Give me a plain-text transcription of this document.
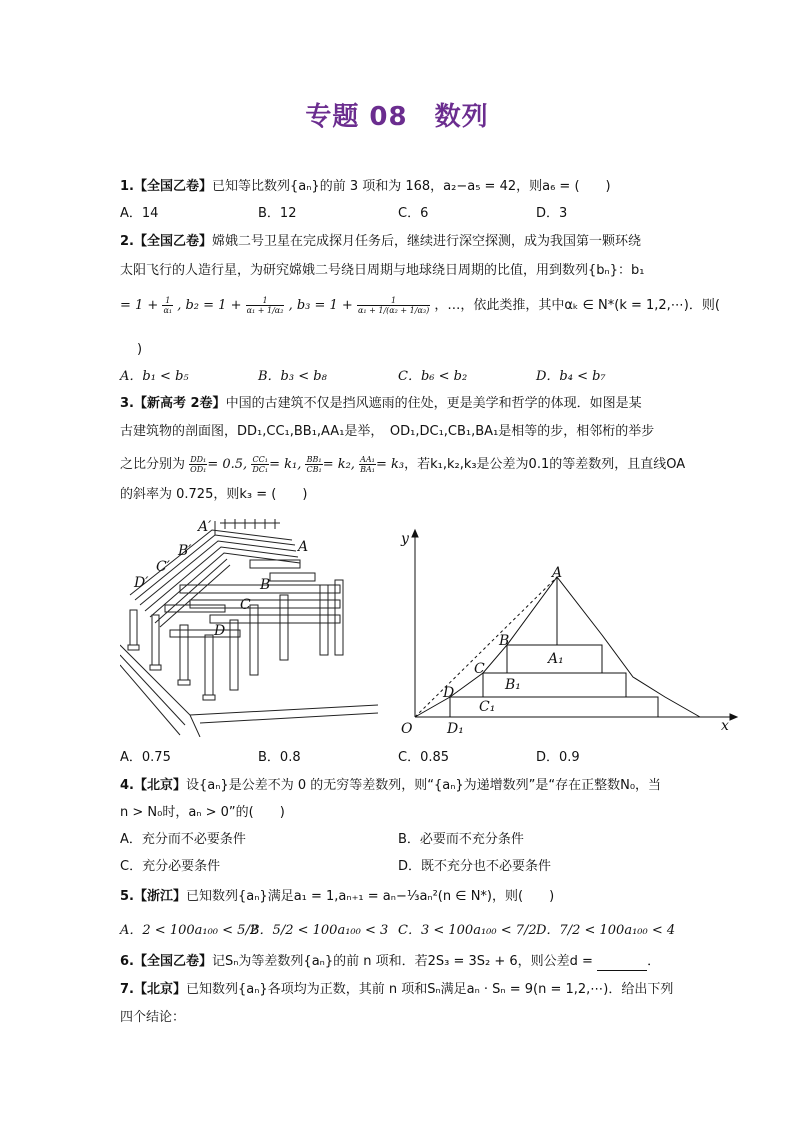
专题 08　数列
1.【全国乙卷】已知等比数列{aₙ}的前 3 项和为 168，a₂−a₅ = 42，则a₆ = (　　)
A．14	B．12	C．6	D．3
2.【全国乙卷】嫦娥二号卫星在完成探月任务后，继续进行深空探测，成为我国第一颗环绕
太阳飞行的人造行星，为研究嫦娥二号绕日周期与地球绕日周期的比值，用到数列{bₙ}：b₁
= $1 + \frac{1}{\text{α₁}}$ , $b_2 = 1 + \frac{1}{\text{α₁ + 1/α₂}}$ , $b_3 = 1 + \frac{1}{\text{α₁ + 1/(α₂ + 1/α₃)}}$ ，…，依此类推，其中αₖ ∈ N*(k = 1,2,⋯)．则(
)
A．b₁ < b₅	B．b₃ < b₈	C．b₆ < b₂	D．b₄ < b₇
3.【新高考 2卷】中国的古建筑不仅是挡风遮雨的住处，更是美学和哲学的体现．如图是某
古建筑物的剖面图，DD₁,CC₁,BB₁,AA₁是举，　OD₁,DC₁,CB₁,BA₁是相等的步，相邻桁的举步
之比分别为 $\frac{\text{DD₁}}{\text{OD₁}} = 0.5$, $\frac{\text{CC₁}}{\text{DC₁}} = k_1$, $\frac{\text{BB₁}}{\text{CB₁}} = k_2$, $\frac{\text{AA₁}}{\text{BA₁}} = k_3$，若k₁,k₂,k₃是公差为0.1的等差数列，且直线OA
的斜率为 0.725，则k₃ = (　　)
A′
A
B′
C′
D′	B
C
D
y
x
O
A
B
C
D
A₁
B₁
C₁
D₁
A．0.75	B．0.8	C．0.85	D．0.9
4.【北京】设{aₙ}是公差不为 0 的无穷等差数列，则“{aₙ}为递增数列”是“存在正整数N₀，当
n > N₀时，aₙ > 0”的(　　)
A．充分而不必要条件	B．必要而不充分条件
C．充分必要条件	D．既不充分也不必要条件
5.【浙江】已知数列{aₙ}满足a₁ = 1,aₙ₊₁ = aₙ−⅓aₙ²(n ∈ N*)，则(　　)
A．2 < 100a₁₀₀ < 5/2
B．5/2 < 100a₁₀₀ < 3 C．3 < 100a₁₀₀ < 7/2 D．7/2 < 100a₁₀₀ < 4
6.【全国乙卷】记Sₙ为等差数列{aₙ}的前 n 项和．若2S₃ = 3S₂ + 6，则公差d =	．
7.【北京】已知数列{aₙ}各项均为正数，其前 n 项和Sₙ满足aₙ · Sₙ = 9(n = 1,2,⋯)．给出下列
四个结论：
